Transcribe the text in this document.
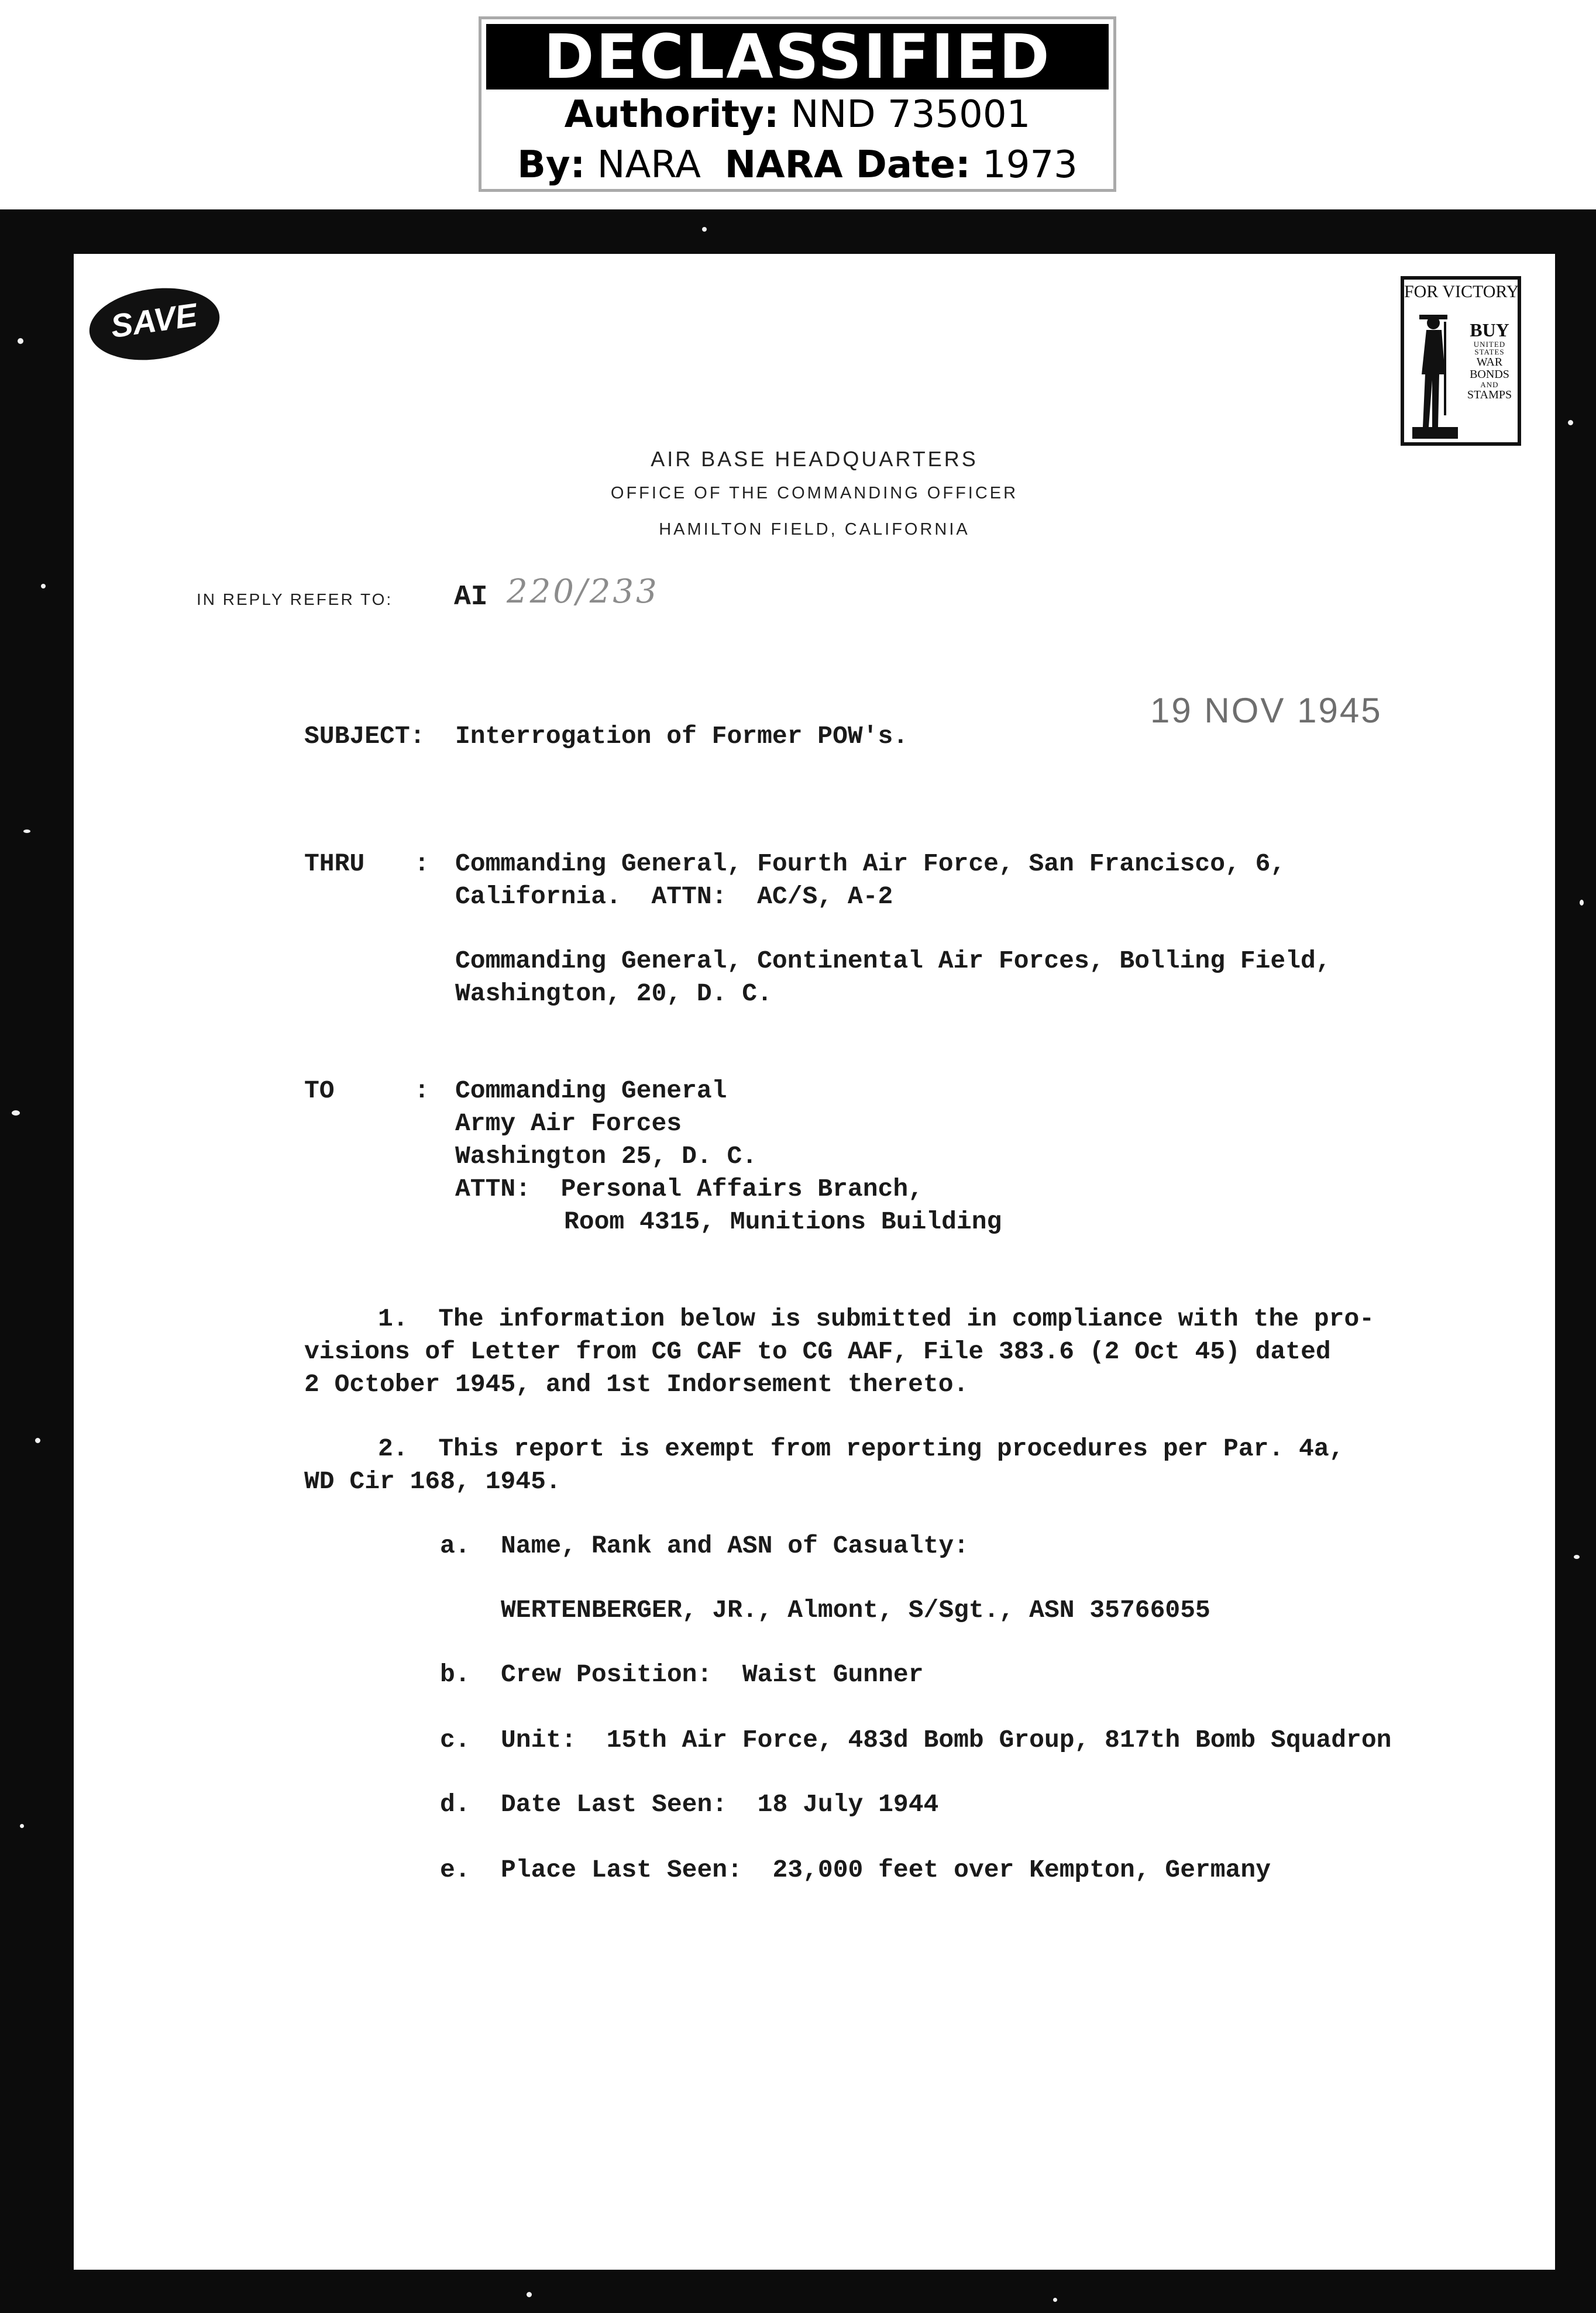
DECLASSIFIED
Authority: NND 735001
By: NARA NARA Date: 1973
SAVE
FOR VICTORY
BUY
UNITED STATES
WAR
BONDS
AND
STAMPS
AIR BASE HEADQUARTERS
OFFICE OF THE COMMANDING OFFICER
HAMILTON FIELD, CALIFORNIA
IN REPLY REFER TO: AI 220/233
19 NOV 1945
SUBJECT: Interrogation of Former POW's.
THRU : Commanding General, Fourth Air Force, San Francisco, 6,
California.  ATTN:  AC/S, A-2
Commanding General, Continental Air Forces, Bolling Field,
Washington, 20, D. C.
TO	: Commanding General
Army Air Forces
Washington 25, D. C.
ATTN:  Personal Affairs Branch,
Room 4315, Munitions Building
1.  The information below is submitted in compliance with the pro-
visions of Letter from CG CAF to CG AAF, File 383.6 (2 Oct 45) dated
2 October 1945, and 1st Indorsement thereto.
2.  This report is exempt from reporting procedures per Par. 4a,
WD Cir 168, 1945.
a. Name, Rank and ASN of Casualty:
WERTENBERGER, JR., Almont, S/Sgt., ASN 35766055
b. Crew Position:  Waist Gunner
c. Unit:  15th Air Force, 483d Bomb Group, 817th Bomb Squadron
d. Date Last Seen:  18 July 1944
e. Place Last Seen:  23,000 feet over Kempton, Germany
